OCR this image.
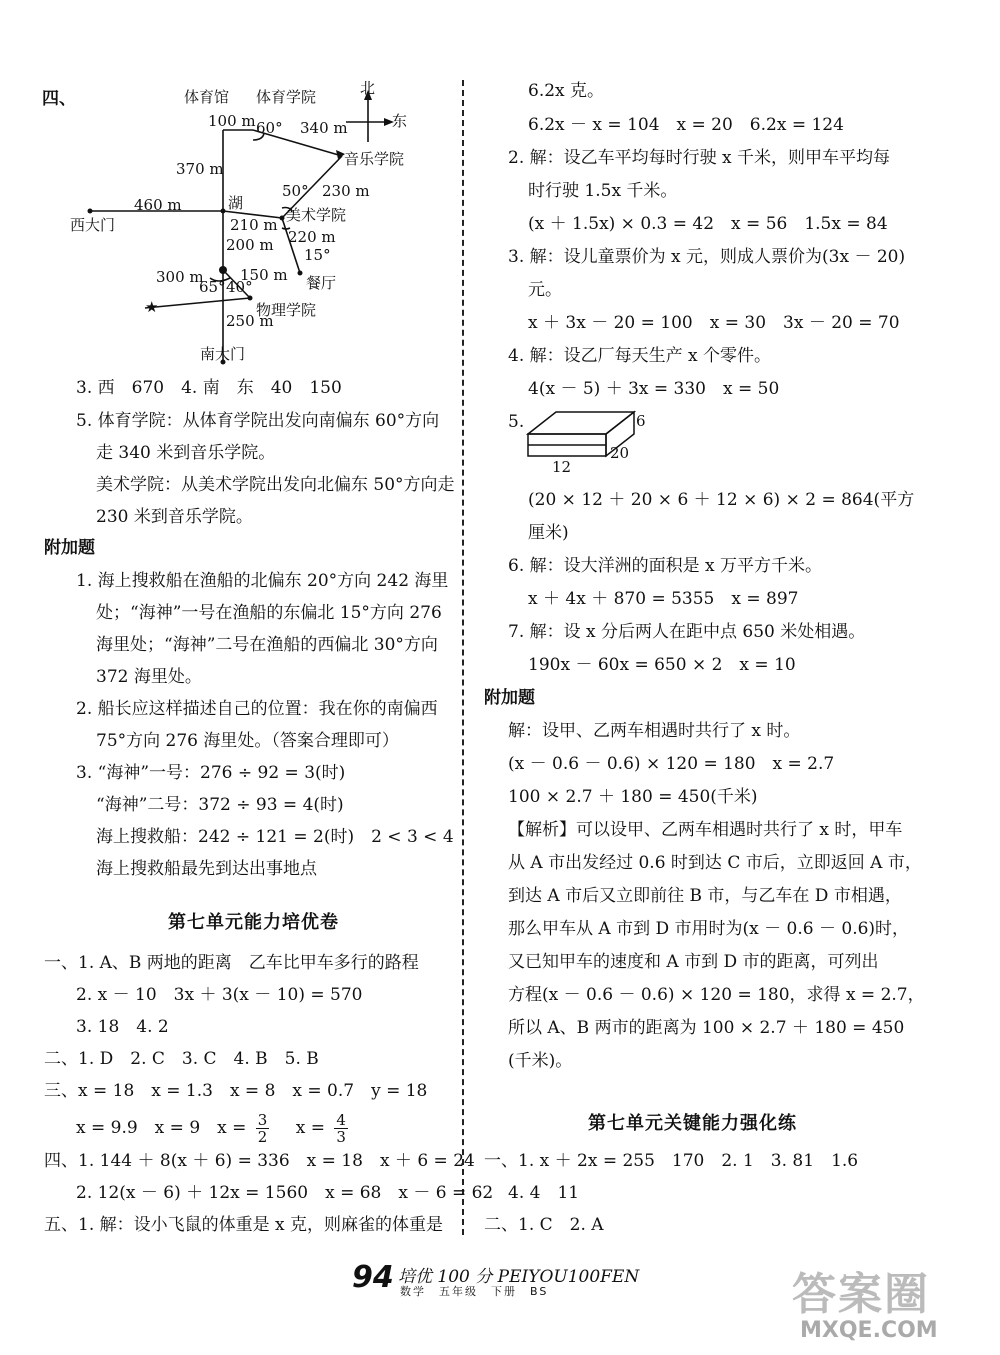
四、
★
体育馆 体育学院	北
东
音乐学院
湖
西大门
美术学院
餐厅
物理学院
南大门
100 m	340 m
370 m
230 m
460 m
210 m
200 m 220 m
300 m 150 m
250 m
60°
50°
15°
65° 40°
3. 西　670　4. 南　东　40　150
5. 体育学院：从体育学院出发向南偏东 60°方向
走 340 米到音乐学院。
美术学院：从美术学院出发向北偏东 50°方向走
230 米到音乐学院。
附加题
1. 海上搜救船在渔船的北偏东 20°方向 242 海里
处；“海神”一号在渔船的东偏北 15°方向 276
海里处；“海神”二号在渔船的西偏北 30°方向
372 海里处。
2. 船长应这样描述自己的位置：我在你的南偏西
75°方向 276 海里处。（答案合理即可）
3. “海神”一号：276 ÷ 92 = 3(时)
“海神”二号：372 ÷ 93 = 4(时)
海上搜救船：242 ÷ 121 = 2(时)　2 < 3 < 4
海上搜救船最先到达出事地点
第七单元能力培优卷
一、1. A、B 两地的距离　乙车比甲车多行的路程
2. x － 10　3x ＋ 3(x － 10) = 570
3. 18　4. 2
二、1. D　2. C　3. C　4. B　5. B
三、x = 18　x = 1.3　x = 8　x = 0.7　y = 18
x = 9.9　x = 9　$x = \frac{3}{2}$
　 $x = \frac{4}{3}$
四、1. 144 ＋ 8(x ＋ 6) = 336　x = 18　x ＋ 6 = 24
2. 12(x － 6) ＋ 12x = 1560　x = 68　x － 6 = 62
五、1. 解：设小飞鼠的体重是 x 克，则麻雀的体重是
6.2x 克。
6.2x － x = 104　x = 20　6.2x = 124
2. 解：设乙车平均每时行驶 x 千米，则甲车平均每
时行驶 1.5x 千米。
(x ＋ 1.5x) × 0.3 = 42　x = 56　1.5x = 84
3. 解：设儿童票价为 x 元，则成人票价为(3x － 20)
元。
x ＋ 3x － 20 = 100　x = 30　3x － 20 = 70
4. 解：设乙厂每天生产 x 个零件。
4(x － 5) ＋ 3x = 330　x = 50
5.	6
12
20
(20 × 12 ＋ 20 × 6 ＋ 12 × 6) × 2 = 864(平方
厘米)
6. 解：设大洋洲的面积是 x 万平方千米。
x ＋ 4x ＋ 870 = 5355　x = 897
7. 解：设 x 分后两人在距中点 650 米处相遇。
190x － 60x = 650 × 2　x = 10
附加题
解：设甲、乙两车相遇时共行了 x 时。
(x － 0.6 － 0.6) × 120 = 180　x = 2.7
100 × 2.7 ＋ 180 = 450(千米)
【解析】可以设甲、乙两车相遇时共行了 x 时，甲车
从 A 市出发经过 0.6 时到达 C 市后，立即返回 A 市，
到达 A 市后又立即前往 B 市，与乙车在 D 市相遇，
那么甲车从 A 市到 D 市用时为(x － 0.6 － 0.6)时，
又已知甲车的速度和 A 市到 D 市的距离，可列出
方程(x － 0.6 － 0.6) × 120 = 180，求得 x = 2.7，
所以 A、B 两市的距离为 100 × 2.7 ＋ 180 = 450
(千米)。
第七单元关键能力强化练
一、1. x ＋ 2x = 255　170　2. 1　3. 81　1.6
4. 4　11
二、1. C　2. A
94 培优 100 分 PEIYOU100FEN
数学　五年级　下册　BS	答案圈
MXQE.COM
